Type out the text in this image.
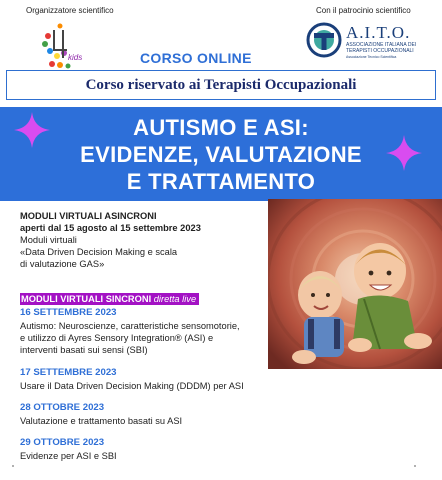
Organizzatore scientifico
kids
Con il patrocinio scientifico
A.I.T.O.
ASSOCIAZIONE ITALIANA DEI
TERAPISTI OCCUPAZIONALI
Associazione Tecnico Scientifica
CORSO ONLINE
Corso riservato ai Terapisti Occupazionali
AUTISMO E ASI:
EVIDENZE, VALUTAZIONE
E TRATTAMENTO
MODULI VIRTUALI ASINCRONI
aperti dal 15 agosto al 15 settembre 2023
Moduli virtuali
«Data Driven Decision Making e scala
di valutazione GAS»
MODULI VIRTUALI SINCRONI diretta live
16 SETTEMBRE 2023
Autismo: Neuroscienze, caratteristiche sensomotorie,
e utilizzo di Ayres Sensory Integration® (ASI) e
interventi basati sui sensi (SBI)
17 SETTEMBRE 2023
Usare il Data Driven Decision Making (DDDM) per ASI
28 OTTOBRE 2023
Valutazione e trattamento basati su ASI
29 OTTOBRE 2023
Evidenze per ASI e SBI
